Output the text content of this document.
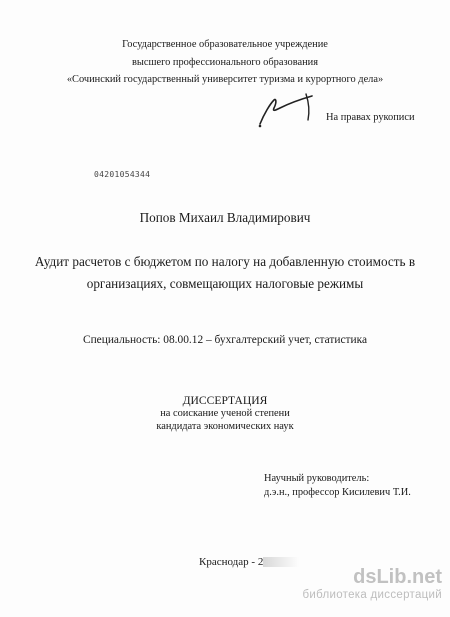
Государственное образовательное учреждение
высшего профессионального образования
«Сочинский государственный университет туризма и курортного дела»
На правах рукописи
04201054344
Попов Михаил Владимирович
Аудит расчетов с бюджетом по налогу на добавленную стоимость в
организациях, совмещающих налоговые режимы
Специальность: 08.00.12 – бухгалтерский учет, статистика
ДИССЕРТАЦИЯ
на соискание ученой степени
кандидата экономических наук
Научный руководитель:
д.э.н., профессор Кисилевич Т.И.
Краснодар - 2
dsLib.net
библиотека диссертаций
